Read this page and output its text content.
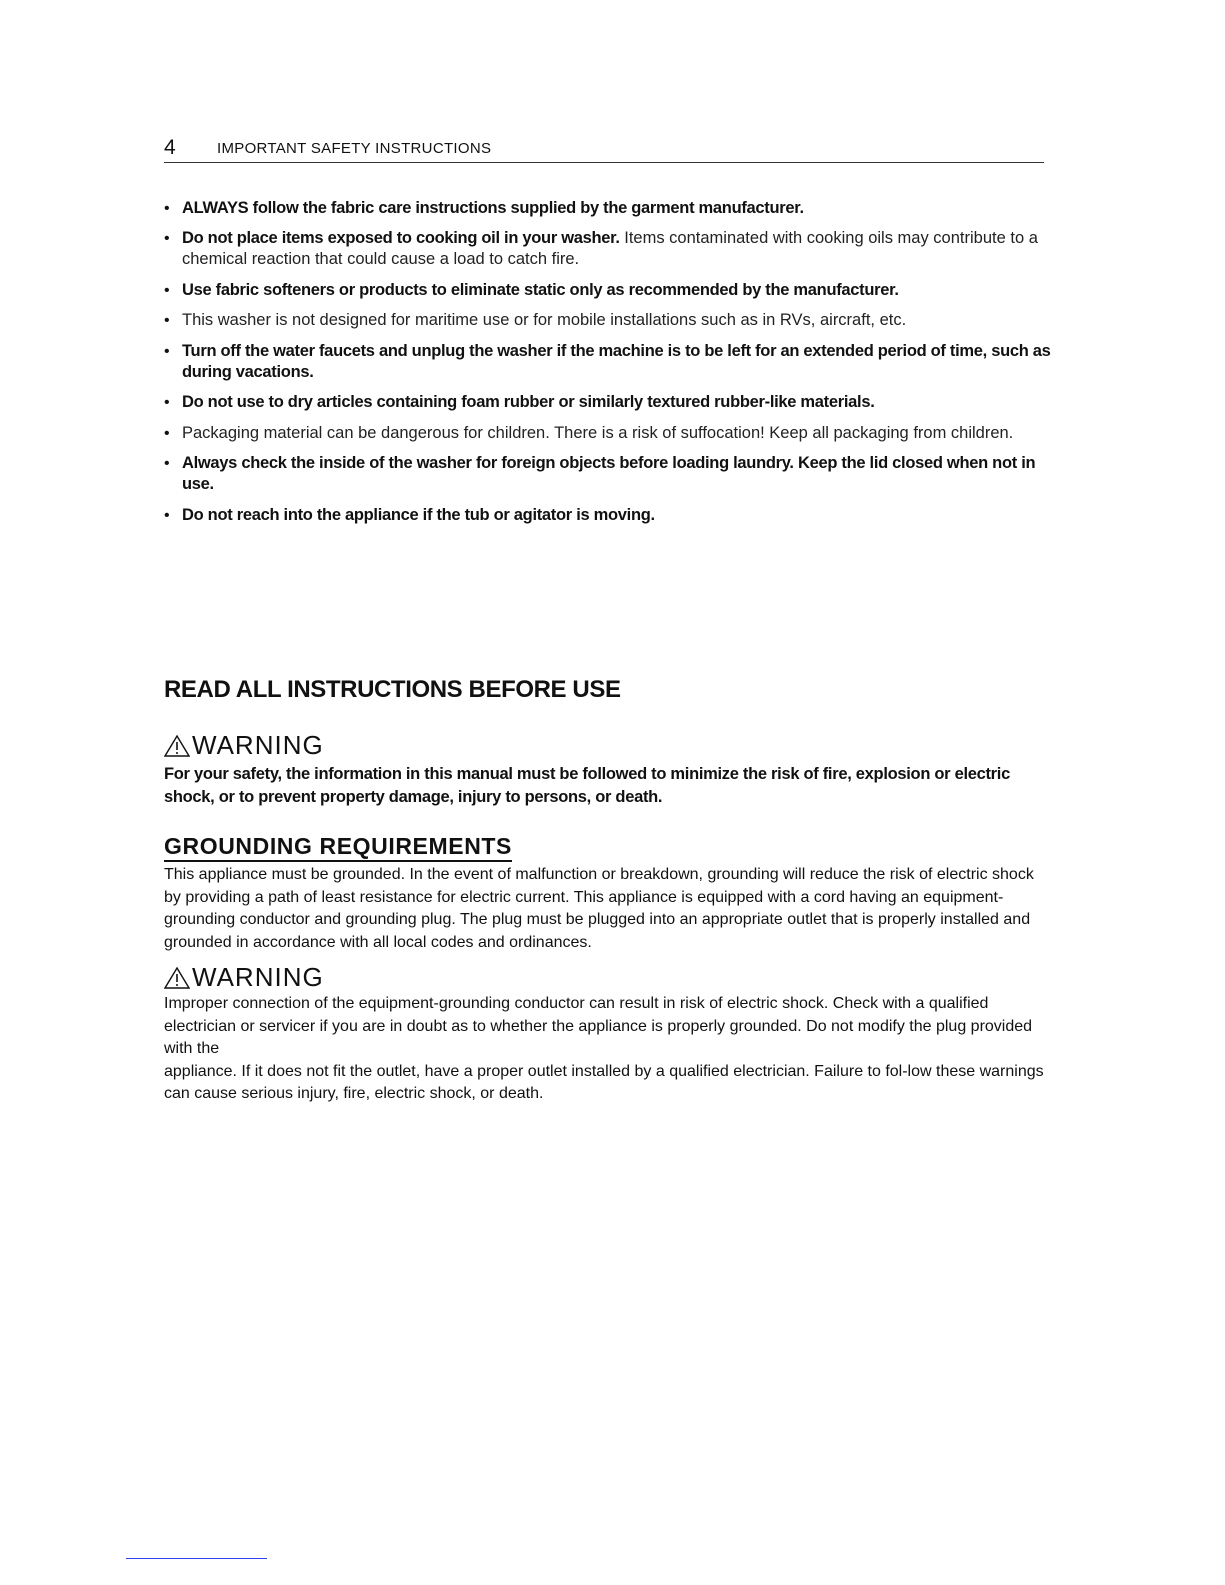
4	IMPORTANT SAFETY INSTRUCTIONS
• ALWAYS follow the fabric care instructions supplied by the garment manufacturer.
• Do not place items exposed to cooking oil in your washer. Items contaminated with cooking oils may contribute to a chemical reaction that could cause a load to catch fire.
• Use fabric softeners or products to eliminate static only as recommended by the manufacturer.
• This washer is not designed for maritime use or for mobile installations such as in RVs, aircraft, etc.
• Turn off the water faucets and unplug the washer if the machine is to be left for an extended period of time, such as during vacations.
• Do not use to dry articles containing foam rubber or similarly textured rubber-like materials.
• Packaging material can be dangerous for children. There is a risk of suffocation! Keep all packaging from children.
• Always check the inside of the washer for foreign objects before loading laundry. Keep the lid closed when not in use.
• Do not reach into the appliance if the tub or agitator is moving.
READ ALL INSTRUCTIONS BEFORE USE
WARNING
For your safety, the information in this manual must be followed to minimize the risk of fire, explosion or electric shock, or to prevent property damage, injury to persons, or death.
GROUNDING REQUIREMENTS

This appliance must be grounded. In the event of malfunction or breakdown, grounding will reduce the risk of electric shock by providing a path of least resistance for electric current. This appliance is equipped with a cord having an equipment-grounding conductor and grounding plug. The plug must be plugged into an appropriate outlet that is properly installed and grounded in accordance with all local codes and ordinances.

WARNING
Improper connection of the equipment-grounding conductor can result in risk of electric shock. Check with a qualified electrician or servicer if you are in doubt as to whether the appliance is properly grounded. Do not modify the plug provided with the
appliance. If it does not fit the outlet, have a proper outlet installed by a qualified electrician. Failure to fol-low these warnings can cause serious injury, fire, electric shock, or death.
